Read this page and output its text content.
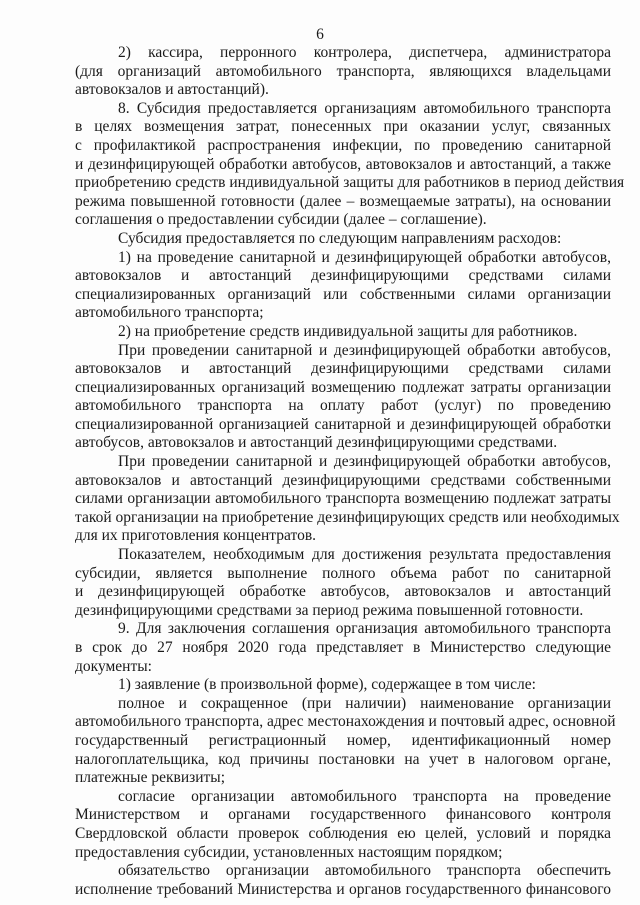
6
2) кассира, перронного контролера, диспетчера, администратора
(для организаций автомобильного транспорта, являющихся владельцами
автовокзалов и автостанций).
8. Субсидия предоставляется организациям автомобильного транспорта
в целях возмещения затрат, понесенных при оказании услуг, связанных
с профилактикой распространения инфекции, по проведению санитарной
и дезинфицирующей обработки автобусов, автовокзалов и автостанций, а также
приобретению средств индивидуальной защиты для работников в период действия
режима повышенной готовности (далее – возмещаемые затраты), на основании
соглашения о предоставлении субсидии (далее – соглашение).
Субсидия предоставляется по следующим направлениям расходов:
1) на проведение санитарной и дезинфицирующей обработки автобусов,
автовокзалов и автостанций дезинфицирующими средствами силами
специализированных организаций или собственными силами организации
автомобильного транспорта;
2) на приобретение средств индивидуальной защиты для работников.
При проведении санитарной и дезинфицирующей обработки автобусов,
автовокзалов и автостанций дезинфицирующими средствами силами
специализированных организаций возмещению подлежат затраты организации
автомобильного транспорта на оплату работ (услуг) по проведению
специализированной организацией санитарной и дезинфицирующей обработки
автобусов, автовокзалов и автостанций дезинфицирующими средствами.
При проведении санитарной и дезинфицирующей обработки автобусов,
автовокзалов и автостанций дезинфицирующими средствами собственными
силами организации автомобильного транспорта возмещению подлежат затраты
такой организации на приобретение дезинфицирующих средств или необходимых
для их приготовления концентратов.
Показателем, необходимым для достижения результата предоставления
субсидии, является выполнение полного объема работ по санитарной
и дезинфицирующей обработке автобусов, автовокзалов и автостанций
дезинфицирующими средствами за период режима повышенной готовности.
9. Для заключения соглашения организация автомобильного транспорта
в срок до 27 ноября 2020 года представляет в Министерство следующие
документы:
1) заявление (в произвольной форме), содержащее в том числе:
полное и сокращенное (при наличии) наименование организации
автомобильного транспорта, адрес местонахождения и почтовый адрес, основной
государственный регистрационный номер, идентификационный номер
налогоплательщика, код причины постановки на учет в налоговом органе,
платежные реквизиты;
согласие организации автомобильного транспорта на проведение
Министерством и органами государственного финансового контроля
Свердловской области проверок соблюдения ею целей, условий и порядка
предоставления субсидии, установленных настоящим порядком;
обязательство организации автомобильного транспорта обеспечить
исполнение требований Министерства и органов государственного финансового
